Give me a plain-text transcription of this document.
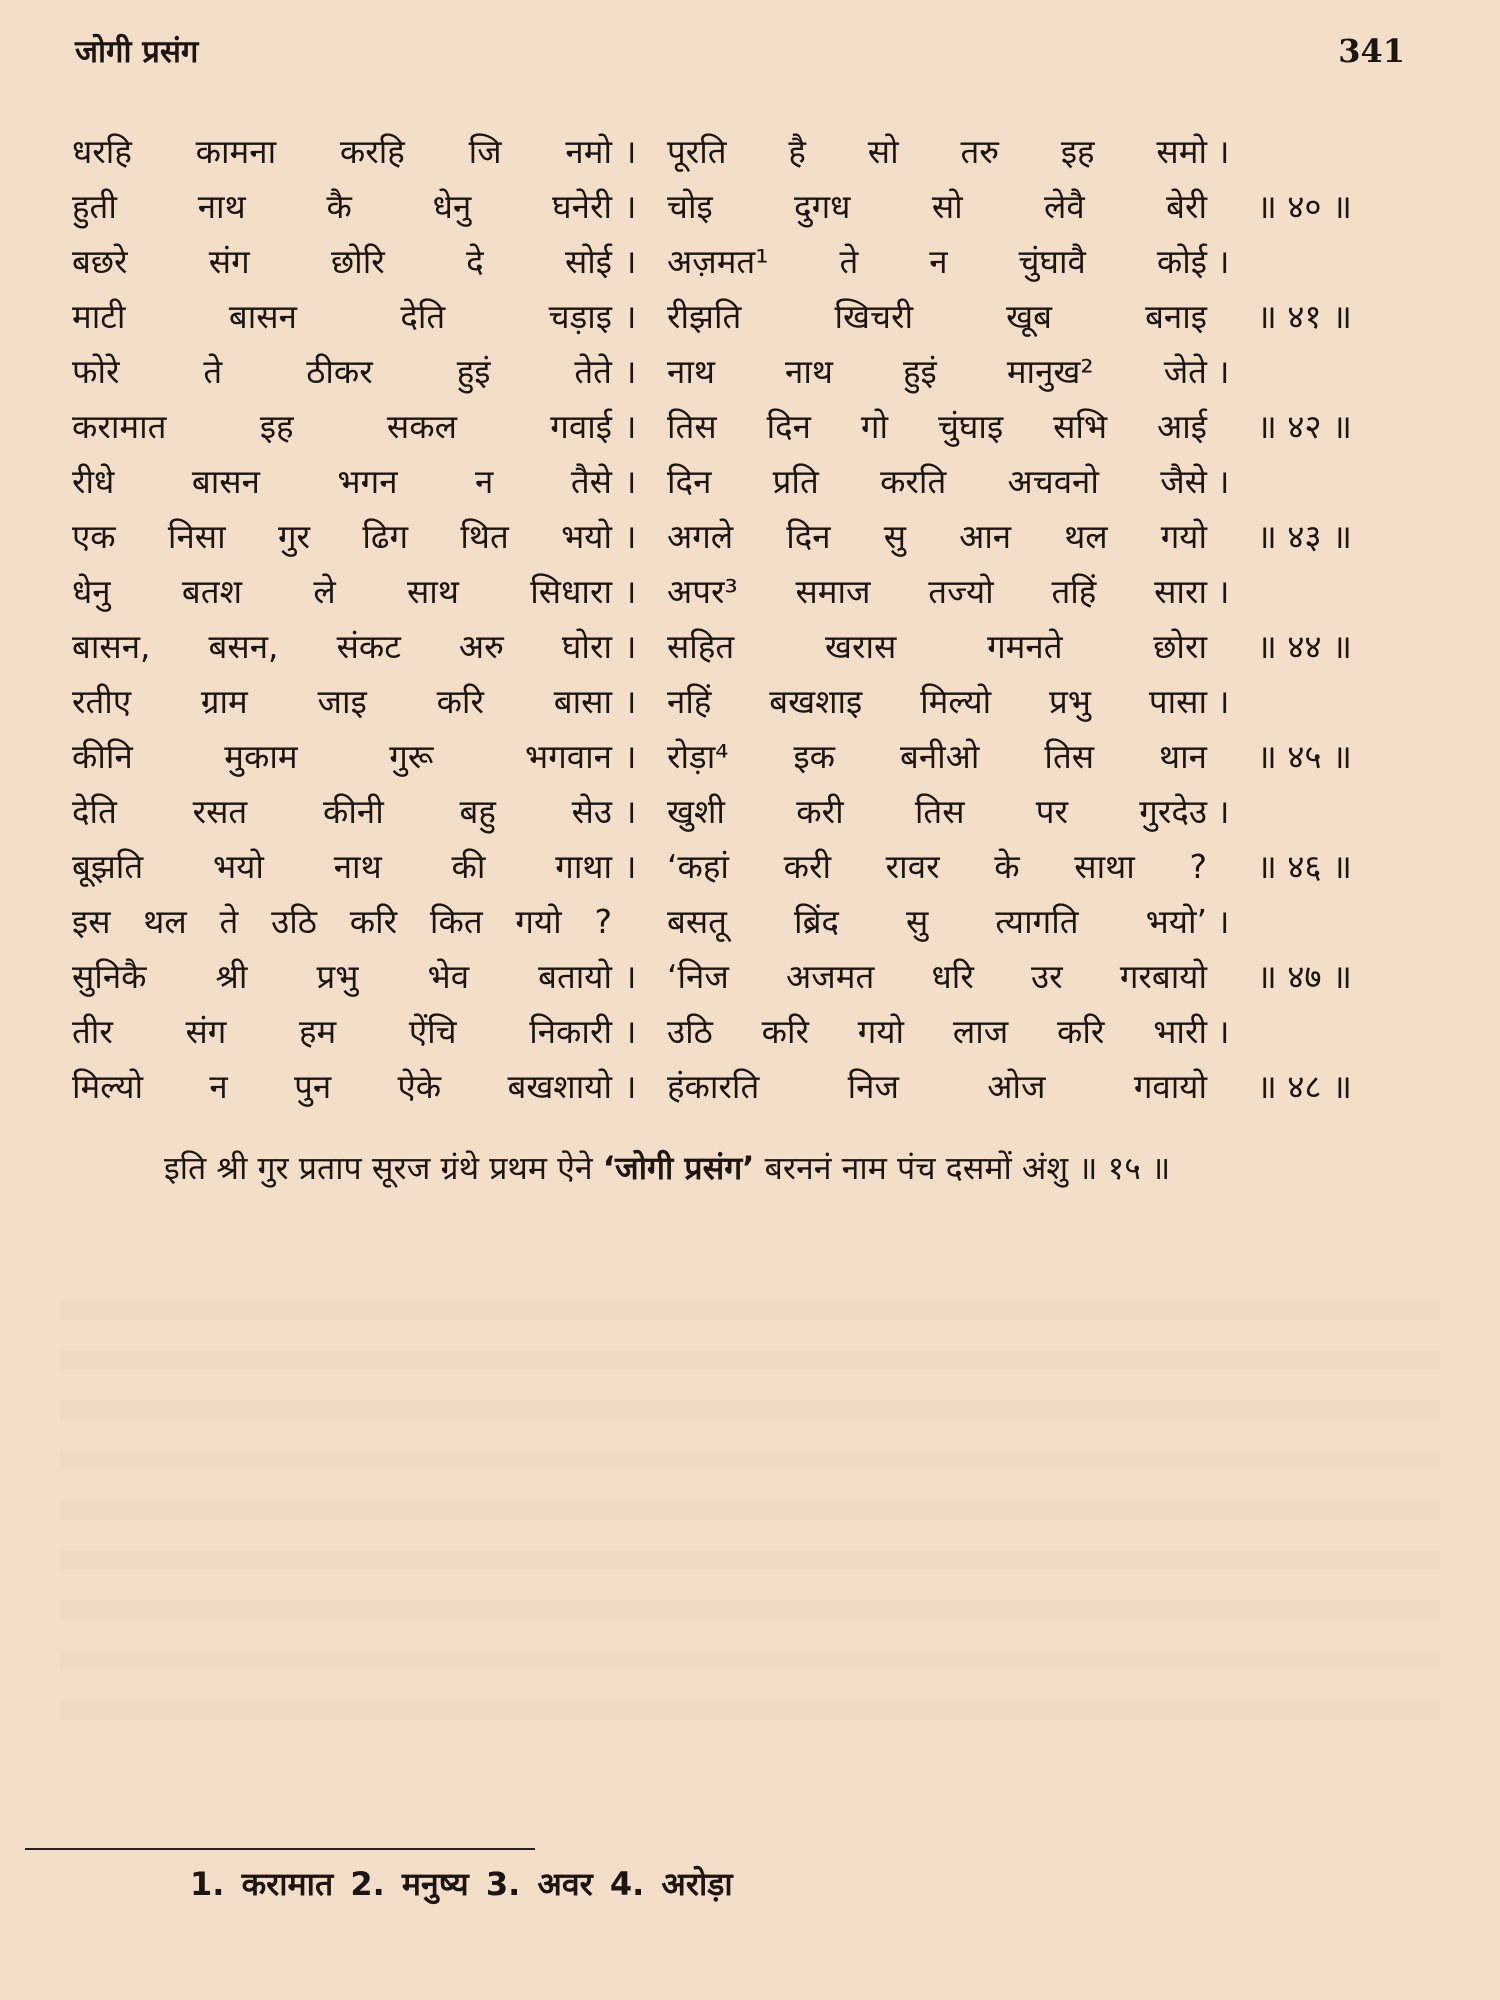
जोगी प्रसंग	341
धरहि कामना करहि जि नमो । पूरति है सो तरु इह समो ।
हुती नाथ कै धेनु घनेरी । चोइ दुगध सो लेवै बेरी ॥ ४० ॥
बछरे संग छोरि दे सोई । अज़मत¹ ते न चुंघावै कोई ।
माटी बासन देति चड़ाइ । रीझति खिचरी खूब बनाइ ॥ ४१ ॥
फोरे ते ठीकर हुइं तेते । नाथ नाथ हुइं मानुख² जेते ।
करामात इह सकल गवाई । तिस दिन गो चुंघाइ सभि आई ॥ ४२ ॥
रीधे बासन भगन न तैसे । दिन प्रति करति अचवनो जैसे ।
एक निसा गुर ढिग थित भयो । अगले दिन सु आन थल गयो ॥ ४३ ॥
धेनु बतश ले साथ सिधारा । अपर³ समाज तज्यो तहिं सारा ।
बासन, बसन, संकट अरु घोरा । सहित खरास गमनते छोरा ॥ ४४ ॥
रतीए ग्राम जाइ करि बासा । नहिं बखशाइ मिल्यो प्रभु पासा ।
कीनि मुकाम गुरू भगवान । रोड़ा⁴ इक बनीओ तिस थान ॥ ४५ ॥
देति रसत कीनी बहु सेउ । खुशी करी तिस पर गुरदेउ ।
बूझति भयो नाथ की गाथा । ‘कहां करी रावर के साथा ? ॥ ४६ ॥
इस थल ते उठि करि कित गयो ? बसतू ब्रिंद सु त्यागति भयो’ ।
सुनिकै श्री प्रभु भेव बतायो । ‘निज अजमत धरि उर गरबायो ॥ ४७ ॥
तीर संग हम ऐंचि निकारी । उठि करि गयो लाज करि भारी ।
मिल्यो न पुन ऐके बखशायो । हंकारति निज ओज गवायो ॥ ४८ ॥
इति श्री गुर प्रताप सूरज ग्रंथे प्रथम ऐने ‘जोगी प्रसंग’ बरननं नाम पंच दसमों अंशु ॥ १५ ॥
1. करामात 2. मनुष्य 3. अवर 4. अरोड़ा
